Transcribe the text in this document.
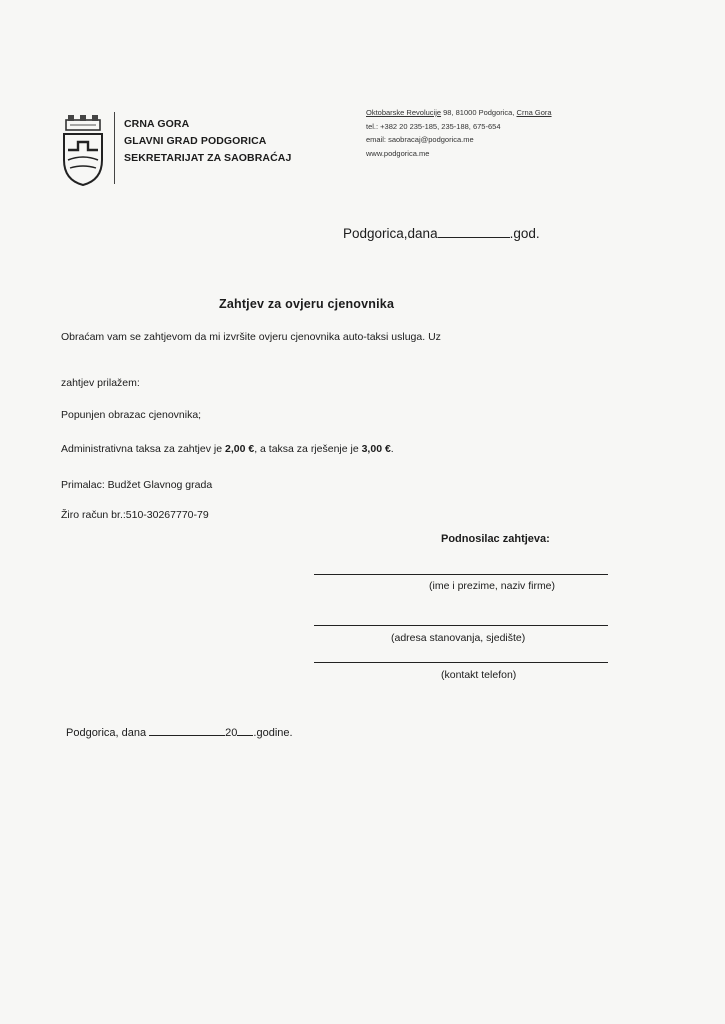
CRNA GORA
GLAVNI GRAD PODGORICA
SEKRETARIJAT ZA SAOBRAĆAJ
Oktobarske Revolucije 98, 81000 Podgorica, Crna Gora
tel.: +382 20 235-185, 235-188, 675-654
email: saobracaj@podgorica.me
www.podgorica.me
Podgorica,dana	.god.
Zahtjev za ovjeru cjenovnika
Obraćam vam se zahtjevom da mi izvršite ovjeru cjenovnika auto-taksi usluga. Uz
zahtjev prilažem:
Popunjen obrazac cjenovnika;
Administrativna taksa za zahtjev je 2,00 €, a taksa za rješenje je 3,00 €.
Primalac: Budžet Glavnog grada
Žiro račun br.:510-30267770-79
Podnosilac zahtjeva:
(ime i prezime, naziv firme)
(adresa stanovanja, sjedište)
(kontakt telefon)
Podgorica, dana	20 .godine.
